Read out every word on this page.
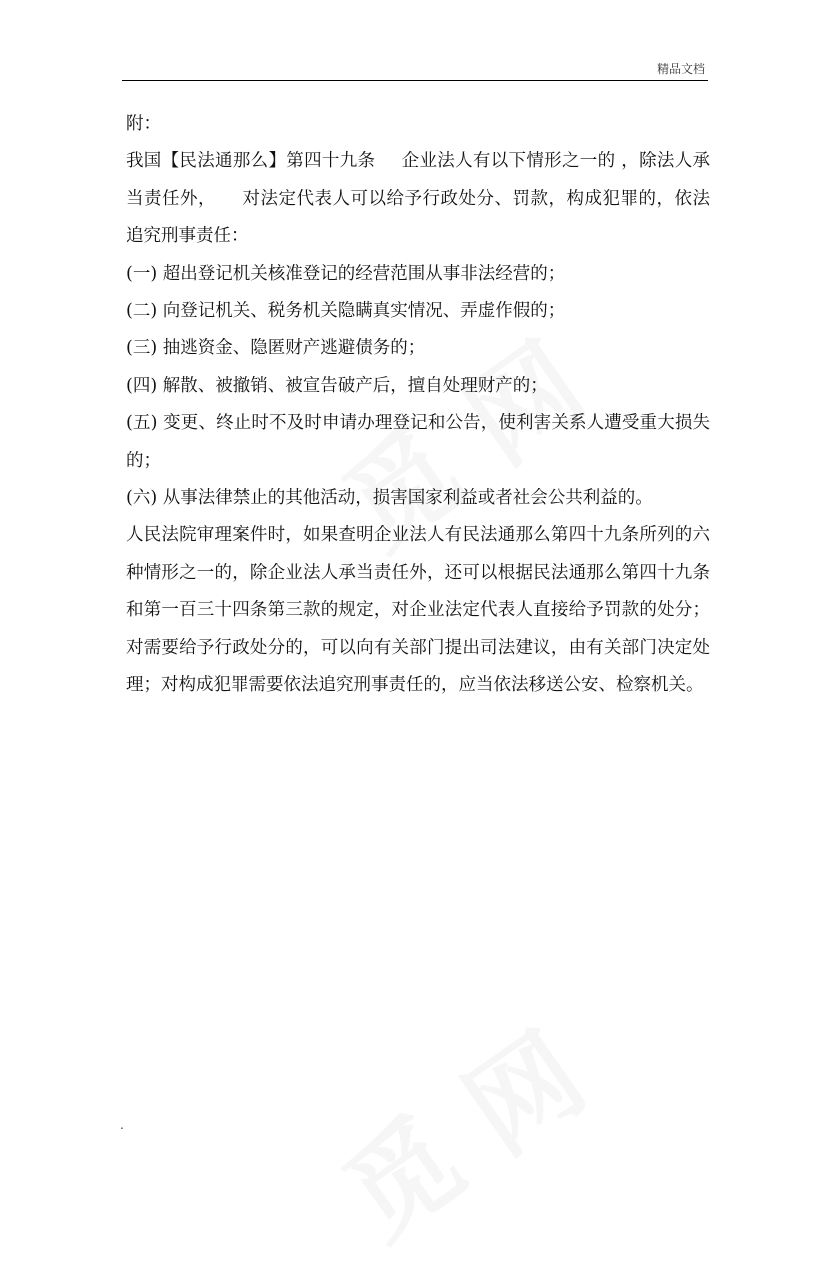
精品文档

附：

我国【民法通那么】第四十九条 企业法人有以下情形之一的 ，除法人承当责任外， 对法定代表人可以给予行政处分、罚款，构成犯罪的，依法追究刑事责任：

(一) 超出登记机关核准登记的经营范围从事非法经营的；

(二) 向登记机关、税务机关隐瞒真实情况、弄虚作假的；

(三) 抽逃资金、隐匿财产逃避债务的；

(四) 解散、被撤销、被宣告破产后，擅自处理财产的；

(五) 变更、终止时不及时申请办理登记和公告，使利害关系人遭受重大损失的；

(六) 从事法律禁止的其他活动，损害国家利益或者社会公共利益的。

人民法院审理案件时，如果查明企业法人有民法通那么第四十九条所列的六种情形之一的，除企业法人承当责任外，还可以根据民法通那么第四十九条和第一百三十四条第三款的规定，对企业法定代表人直接给予罚款的处分；对需要给予行政处分的，可以向有关部门提出司法建议，由有关部门决定处理；对构成犯罪需要依法追究刑事责任的，应当依法移送公安、检察机关。

.
